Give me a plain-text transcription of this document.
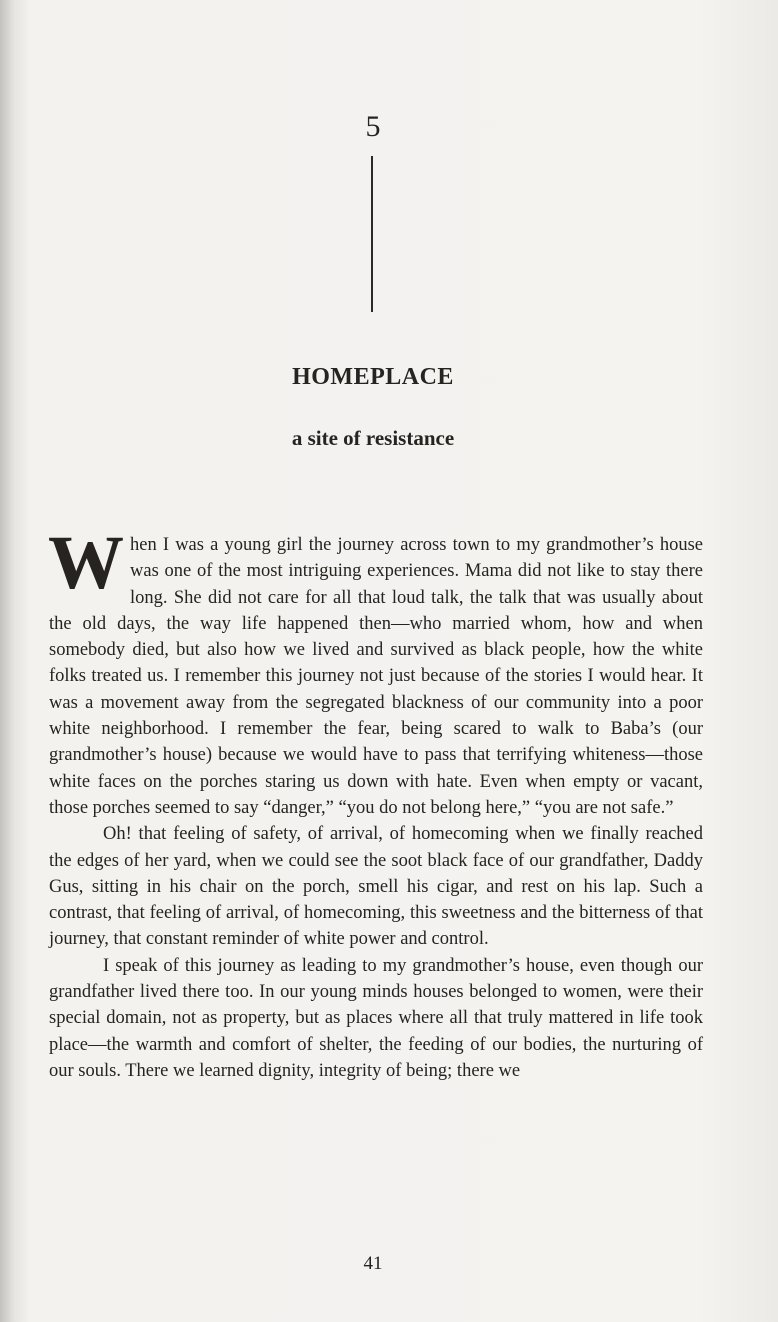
5
HOMEPLACE
a site of resistance

When I was a young girl the journey across town to my grandmother’s house was one of the most intriguing experiences. Mama did not like to stay there long. She did not care for all that loud talk, the talk that was usually about the old days, the way life happened then—who married whom, how and when somebody died, but also how we lived and survived as black people, how the white folks treated us. I remember this journey not just because of the stories I would hear. It was a movement away from the segregated blackness of our community into a poor white neighborhood. I remember the fear, being scared to walk to Baba’s (our grandmother’s house) because we would have to pass that terrifying whiteness—those white faces on the porches staring us down with hate. Even when empty or vacant, those porches seemed to say “danger,” “you do not belong here,” “you are not safe.”

Oh! that feeling of safety, of arrival, of homecoming when we finally reached the edges of her yard, when we could see the soot black face of our grandfather, Daddy Gus, sitting in his chair on the porch, smell his cigar, and rest on his lap. Such a contrast, that feeling of arrival, of homecoming, this sweetness and the bitterness of that journey, that constant reminder of white power and control.

I speak of this journey as leading to my grandmother’s house, even though our grandfather lived there too. In our young minds houses belonged to women, were their special domain, not as property, but as places where all that truly mattered in life took place—the warmth and comfort of shelter, the feeding of our bodies, the nurturing of our souls. There we learned dignity, integrity of being; there we

41
